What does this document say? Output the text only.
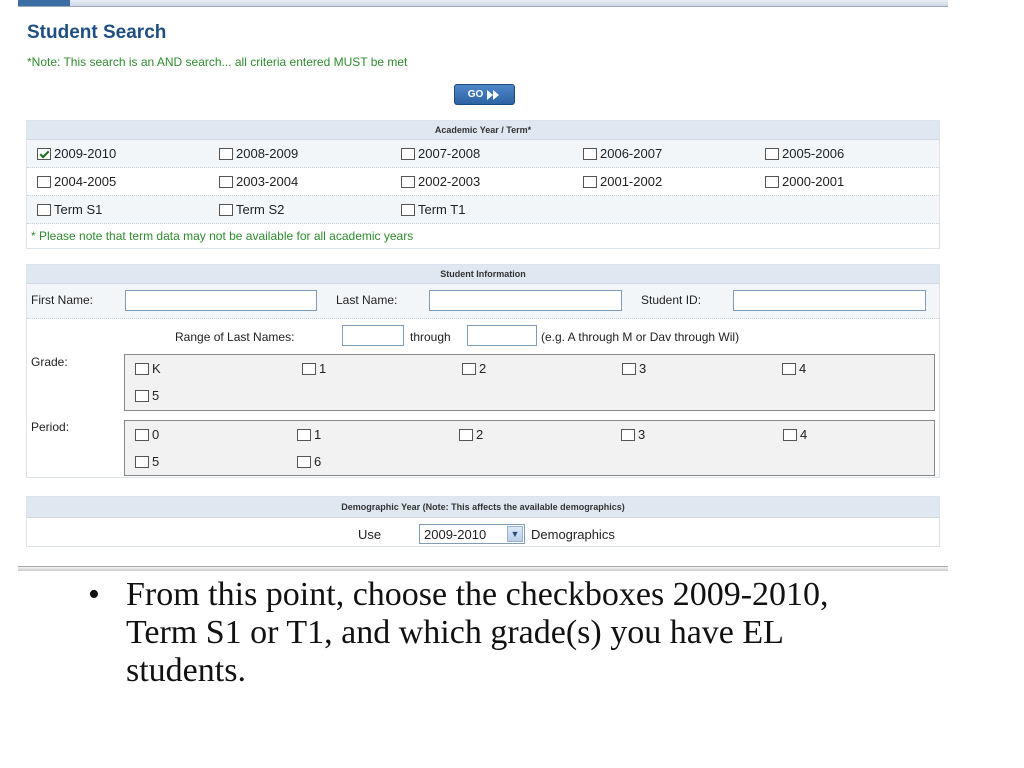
Student Search
*Note: This search is an AND search... all criteria entered MUST be met
GO
Academic Year / Term*
2009-2010	2008-2009	2007-2008	2006-2007	2005-2006
2004-2005	2003-2004	2002-2003	2001-2002	2000-2001
Term S1	Term S2	Term T1
* Please note that term data may not be available for all academic years
Student Information
First Name:	Last Name:	Student ID:
Range of Last Names:	through	(e.g. A through M or Dav through Wil)
Grade:	K	1	2	3	4
5
Period:	0	1	2	3	4
5	6
Demographic Year (Note: This affects the available demographics)
Use	2009-2010	▼ Demographics
• From this point, choose the checkboxes 2009-2010, Term S1 or T1, and which grade(s) you have EL students.
